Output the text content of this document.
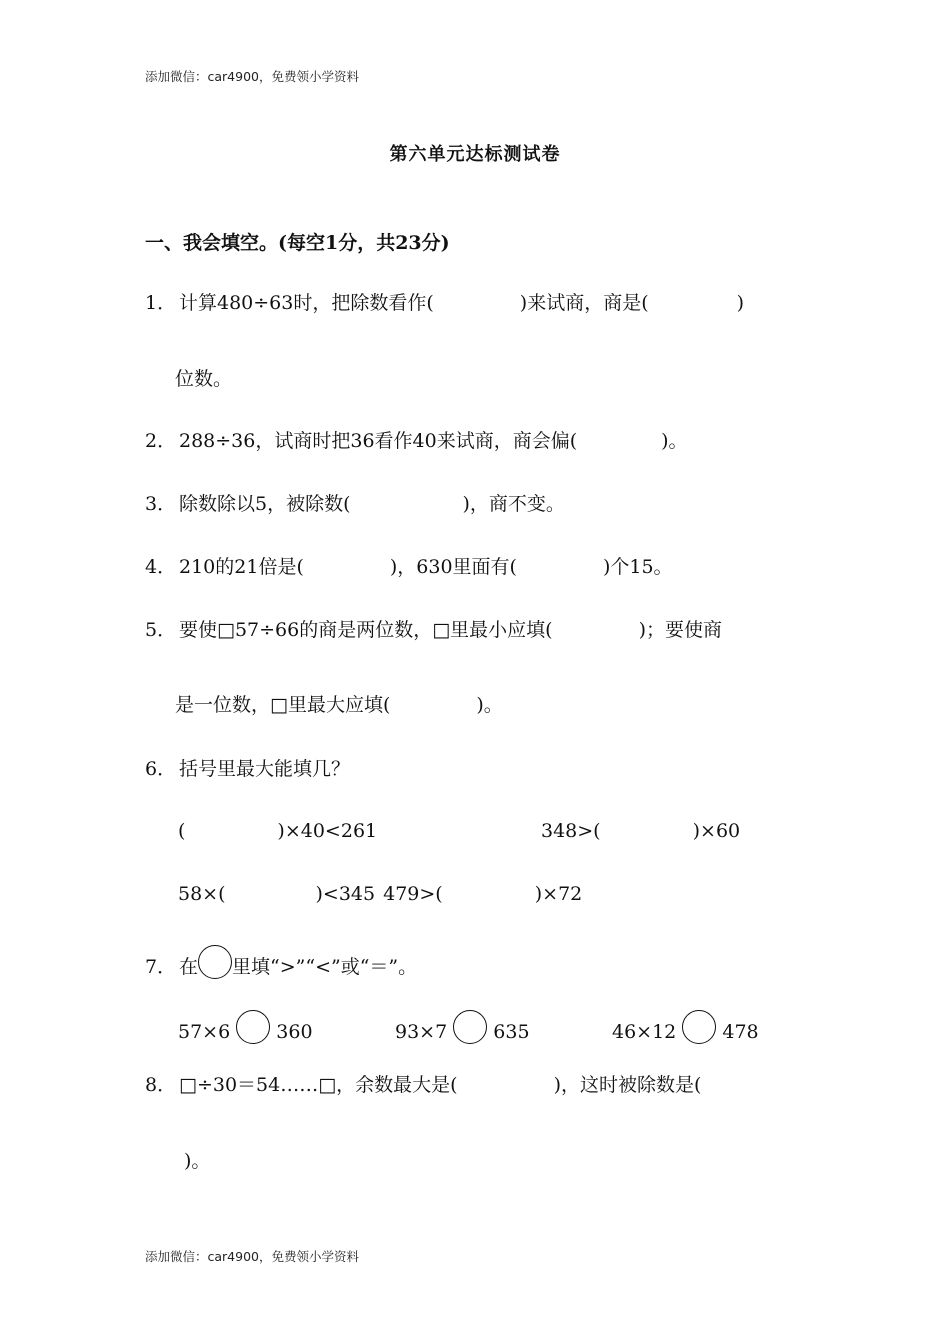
添加微信：car4900，免费领小学资料
第六单元达标测试卷
一、我会填空。(每空1分，共23分)
1． 计算480÷63时，把除数看作(	)来试商，商是(	)
位数。
2． 288÷36，试商时把36看作40来试商，商会偏(	)。
3． 除数除以5，被除数(	)，商不变。
4． 210的21倍是(	)，630里面有(	)个15。
5． 要使□57÷66的商是两位数，□里最小应填(	)；要使商
是一位数，□里最大应填(	)。
6． 括号里最大能填几？
(	)×40<261	348>(	)×60
58×(	)<345 479>(	)×72
7． 在 里填“>”“<”或“＝”。
57×6 360	93×7 635	46×12 478
8． □÷30＝54……□，余数最大是(	)，这时被除数是(
)。
添加微信：car4900，免费领小学资料
